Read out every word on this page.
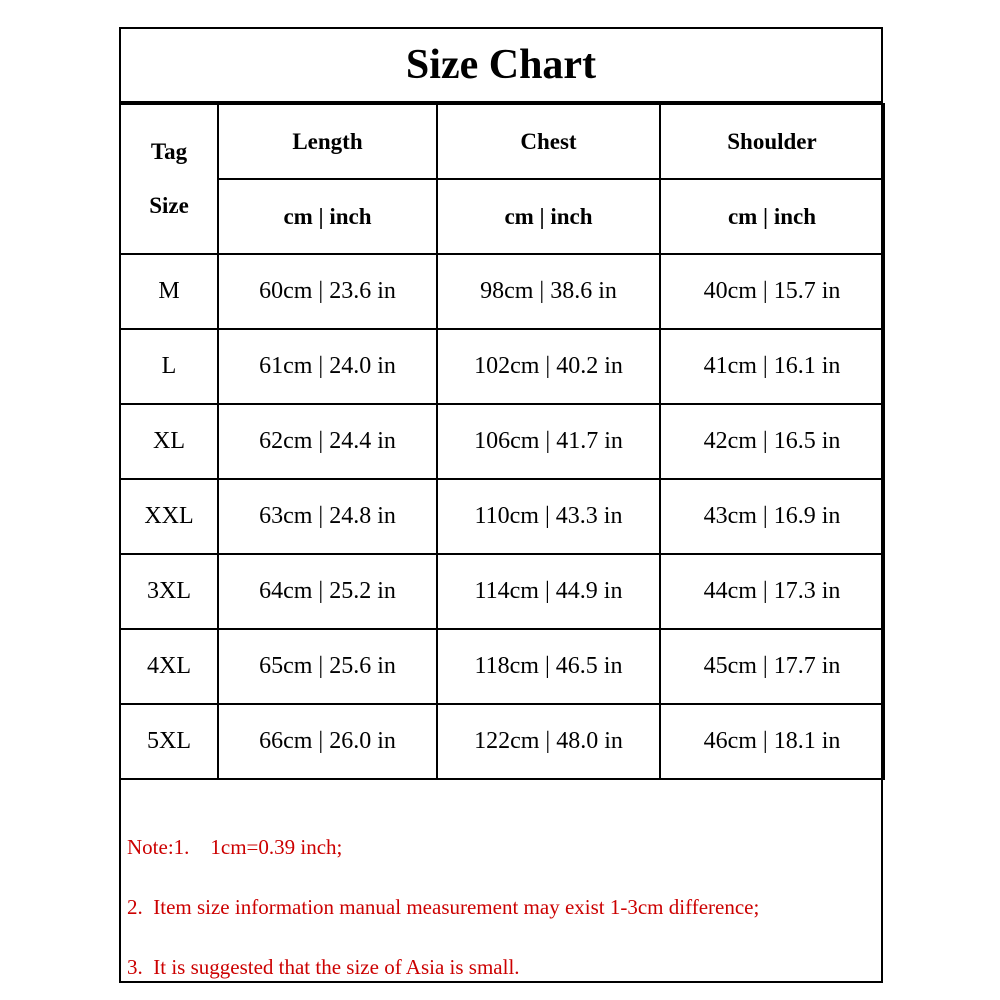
Size Chart
Tag
Size	Length	Chest	Shoulder
	cm | inch	cm | inch	cm | inch
M	60cm | 23.6 in	98cm | 38.6 in	40cm | 15.7 in
L	61cm | 24.0 in	102cm | 40.2 in	41cm | 16.1 in
XL	62cm | 24.4 in	106cm | 41.7 in	42cm | 16.5 in
XXL	63cm | 24.8 in	110cm | 43.3 in	43cm | 16.9 in
3XL	64cm | 25.2 in	114cm | 44.9 in	44cm | 17.3 in
4XL	65cm | 25.6 in	118cm | 46.5 in	45cm | 17.7 in
5XL	66cm | 26.0 in	122cm | 48.0 in	46cm | 18.1 in
Note:1.    1cm=0.39 inch;
2.  Item size information manual measurement may exist 1-3cm difference;
3.  It is suggested that the size of Asia is small.
